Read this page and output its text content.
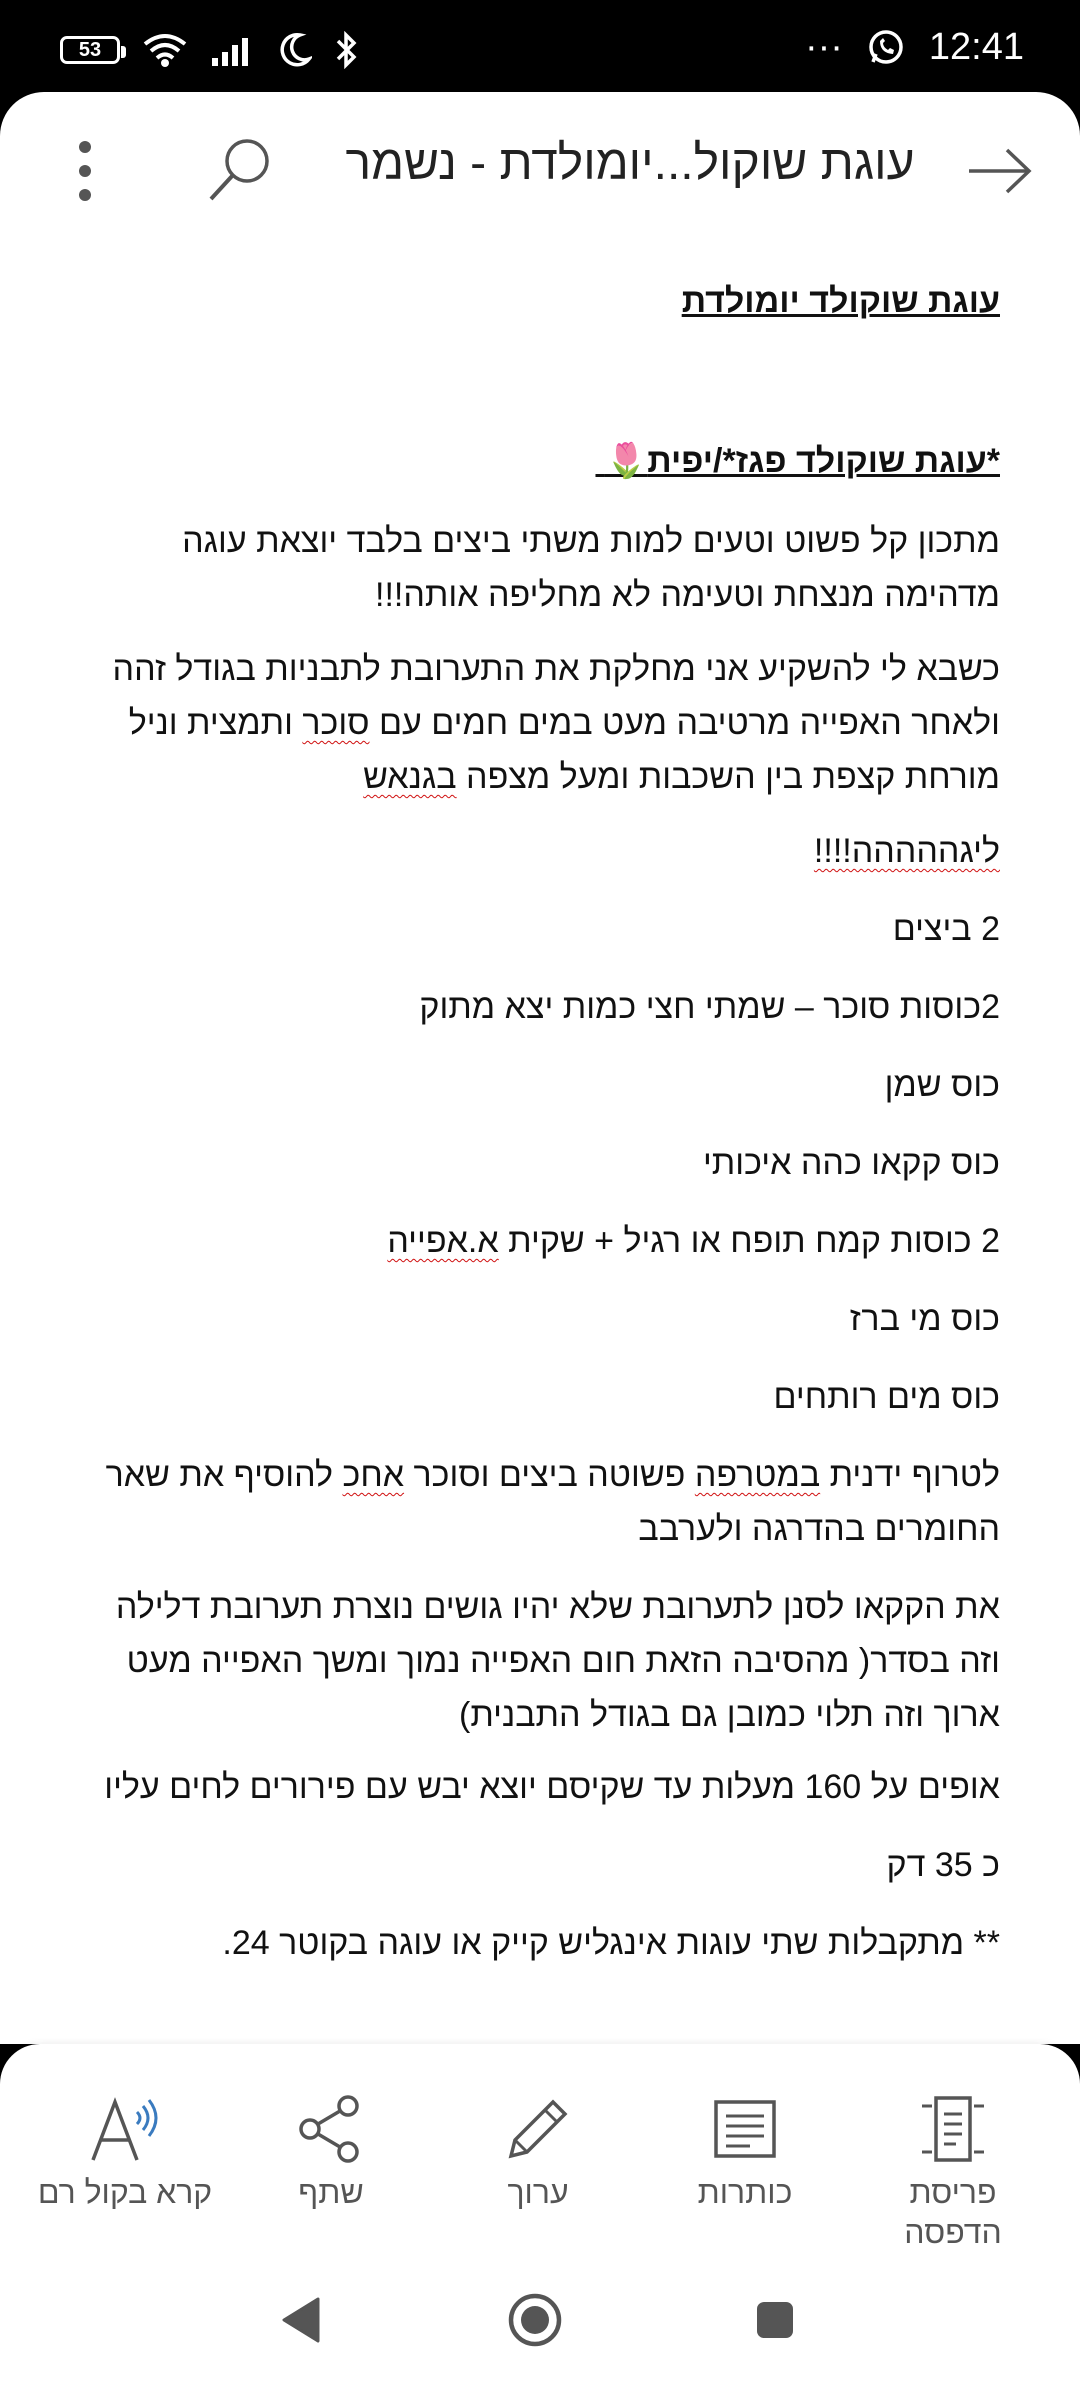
53	··· 12:41
עוגת שוקול...יומולדת - נשמר

עוגת שוקולד יומולדת

*עוגת שוקולד פגז*/יפית🌷

מתכון קל פשוט וטעים למות משתי ביצים בלבד יוצאת עוגה מדהימה מנצחת וטעימה לא מחליפה אותה!!!

כשבא לי להשקיע אני מחלקת את התערובת לתבניות בגודל זהה ולאחר האפייה מרטיבה מעט במים חמים עם סוכר ותמצית וניל מורחת קצפת בין השכבות ומעל מצפה בגנאש

ליגההההה!!!!

2 ביצים

2כוסות סוכר – שמתי חצי כמות יצא מתוק

כוס שמן

כוס קקאו כהה איכותי

2 כוסות קמח תופח או רגיל + שקית א.אפייה

כוס מי ברז

כוס מים רותחים

לטרוף ידנית במטרפה פשוטה ביצים וסוכר אחכ להוסיף את שאר החומרים בהדרגה ולערבב

את הקקאו לסנן לתערובת שלא יהיו גושים נוצרת תערובת דלילה וזה בסדר( מהסיבה הזאת חום האפייה נמוך ומשך האפייה מעט ארוך וזה תלוי כמובן גם בגודל התבנית)

אופים על 160 מעלות עד שקיסם יוצא יבש עם פירורים לחים עליו

כ 35 דק

** מתקבלות שתי עוגות אינגליש קייק או עוגה בקוטר 24.

קרא בקול רם	שתף	ערוך	כותרות	פריסת הדפסה
